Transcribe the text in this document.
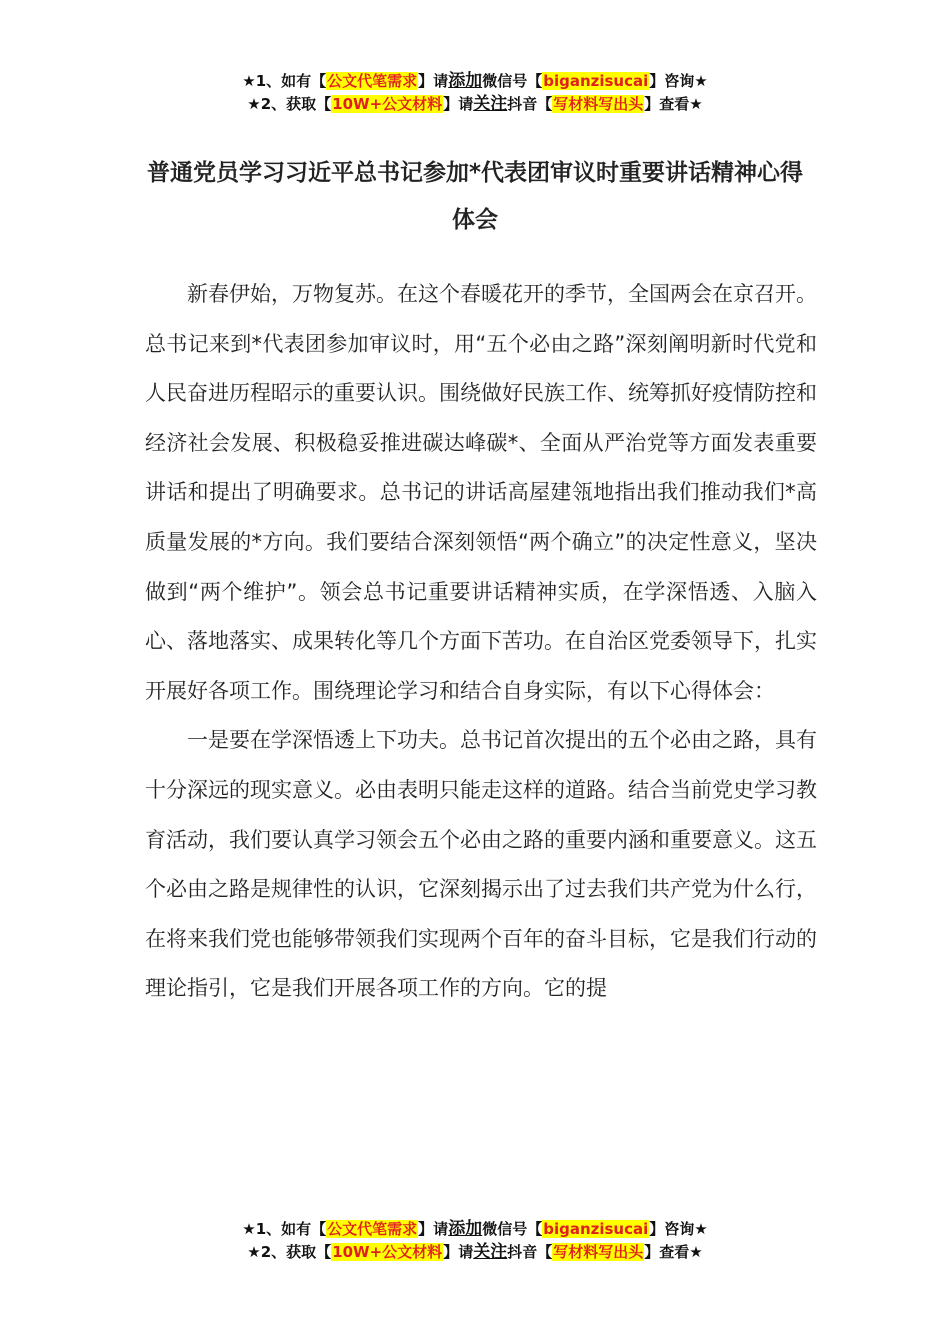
★1、如有【公文代笔需求】请添加微信号【biganzisucai】咨询★
★2、获取【10W+公文材料】请关注抖音【写材料写出头】查看★
普通党员学习习近平总书记参加*代表团审议时重要讲话精神心得体会

新春伊始，万物复苏。在这个春暖花开的季节，全国两会在京召开。总书记来到*代表团参加审议时，用“五个必由之路”深刻阐明新时代党和人民奋进历程昭示的重要认识。围绕做好民族工作、统筹抓好疫情防控和经济社会发展、积极稳妥推进碳达峰碳*、全面从严治党等方面发表重要讲话和提出了明确要求。总书记的讲话高屋建瓴地指出我们推动我们*高质量发展的*方向。我们要结合深刻领悟“两个确立”的决定性意义，坚决做到“两个维护”。领会总书记重要讲话精神实质，在学深悟透、入脑入心、落地落实、成果转化等几个方面下苦功。在自治区党委领导下，扎实开展好各项工作。围绕理论学习和结合自身实际，有以下心得体会：

一是要在学深悟透上下功夫。总书记首次提出的五个必由之路，具有十分深远的现实意义。必由表明只能走这样的道路。结合当前党史学习教育活动，我们要认真学习领会五个必由之路的重要内涵和重要意义。这五个必由之路是规律性的认识，它深刻揭示出了过去我们共产党为什么行，在将来我们党也能够带领我们实现两个百年的奋斗目标，它是我们行动的理论指引，它是我们开展各项工作的方向。它的提

★1、如有【公文代笔需求】请添加微信号【biganzisucai】咨询★
★2、获取【10W+公文材料】请关注抖音【写材料写出头】查看★
